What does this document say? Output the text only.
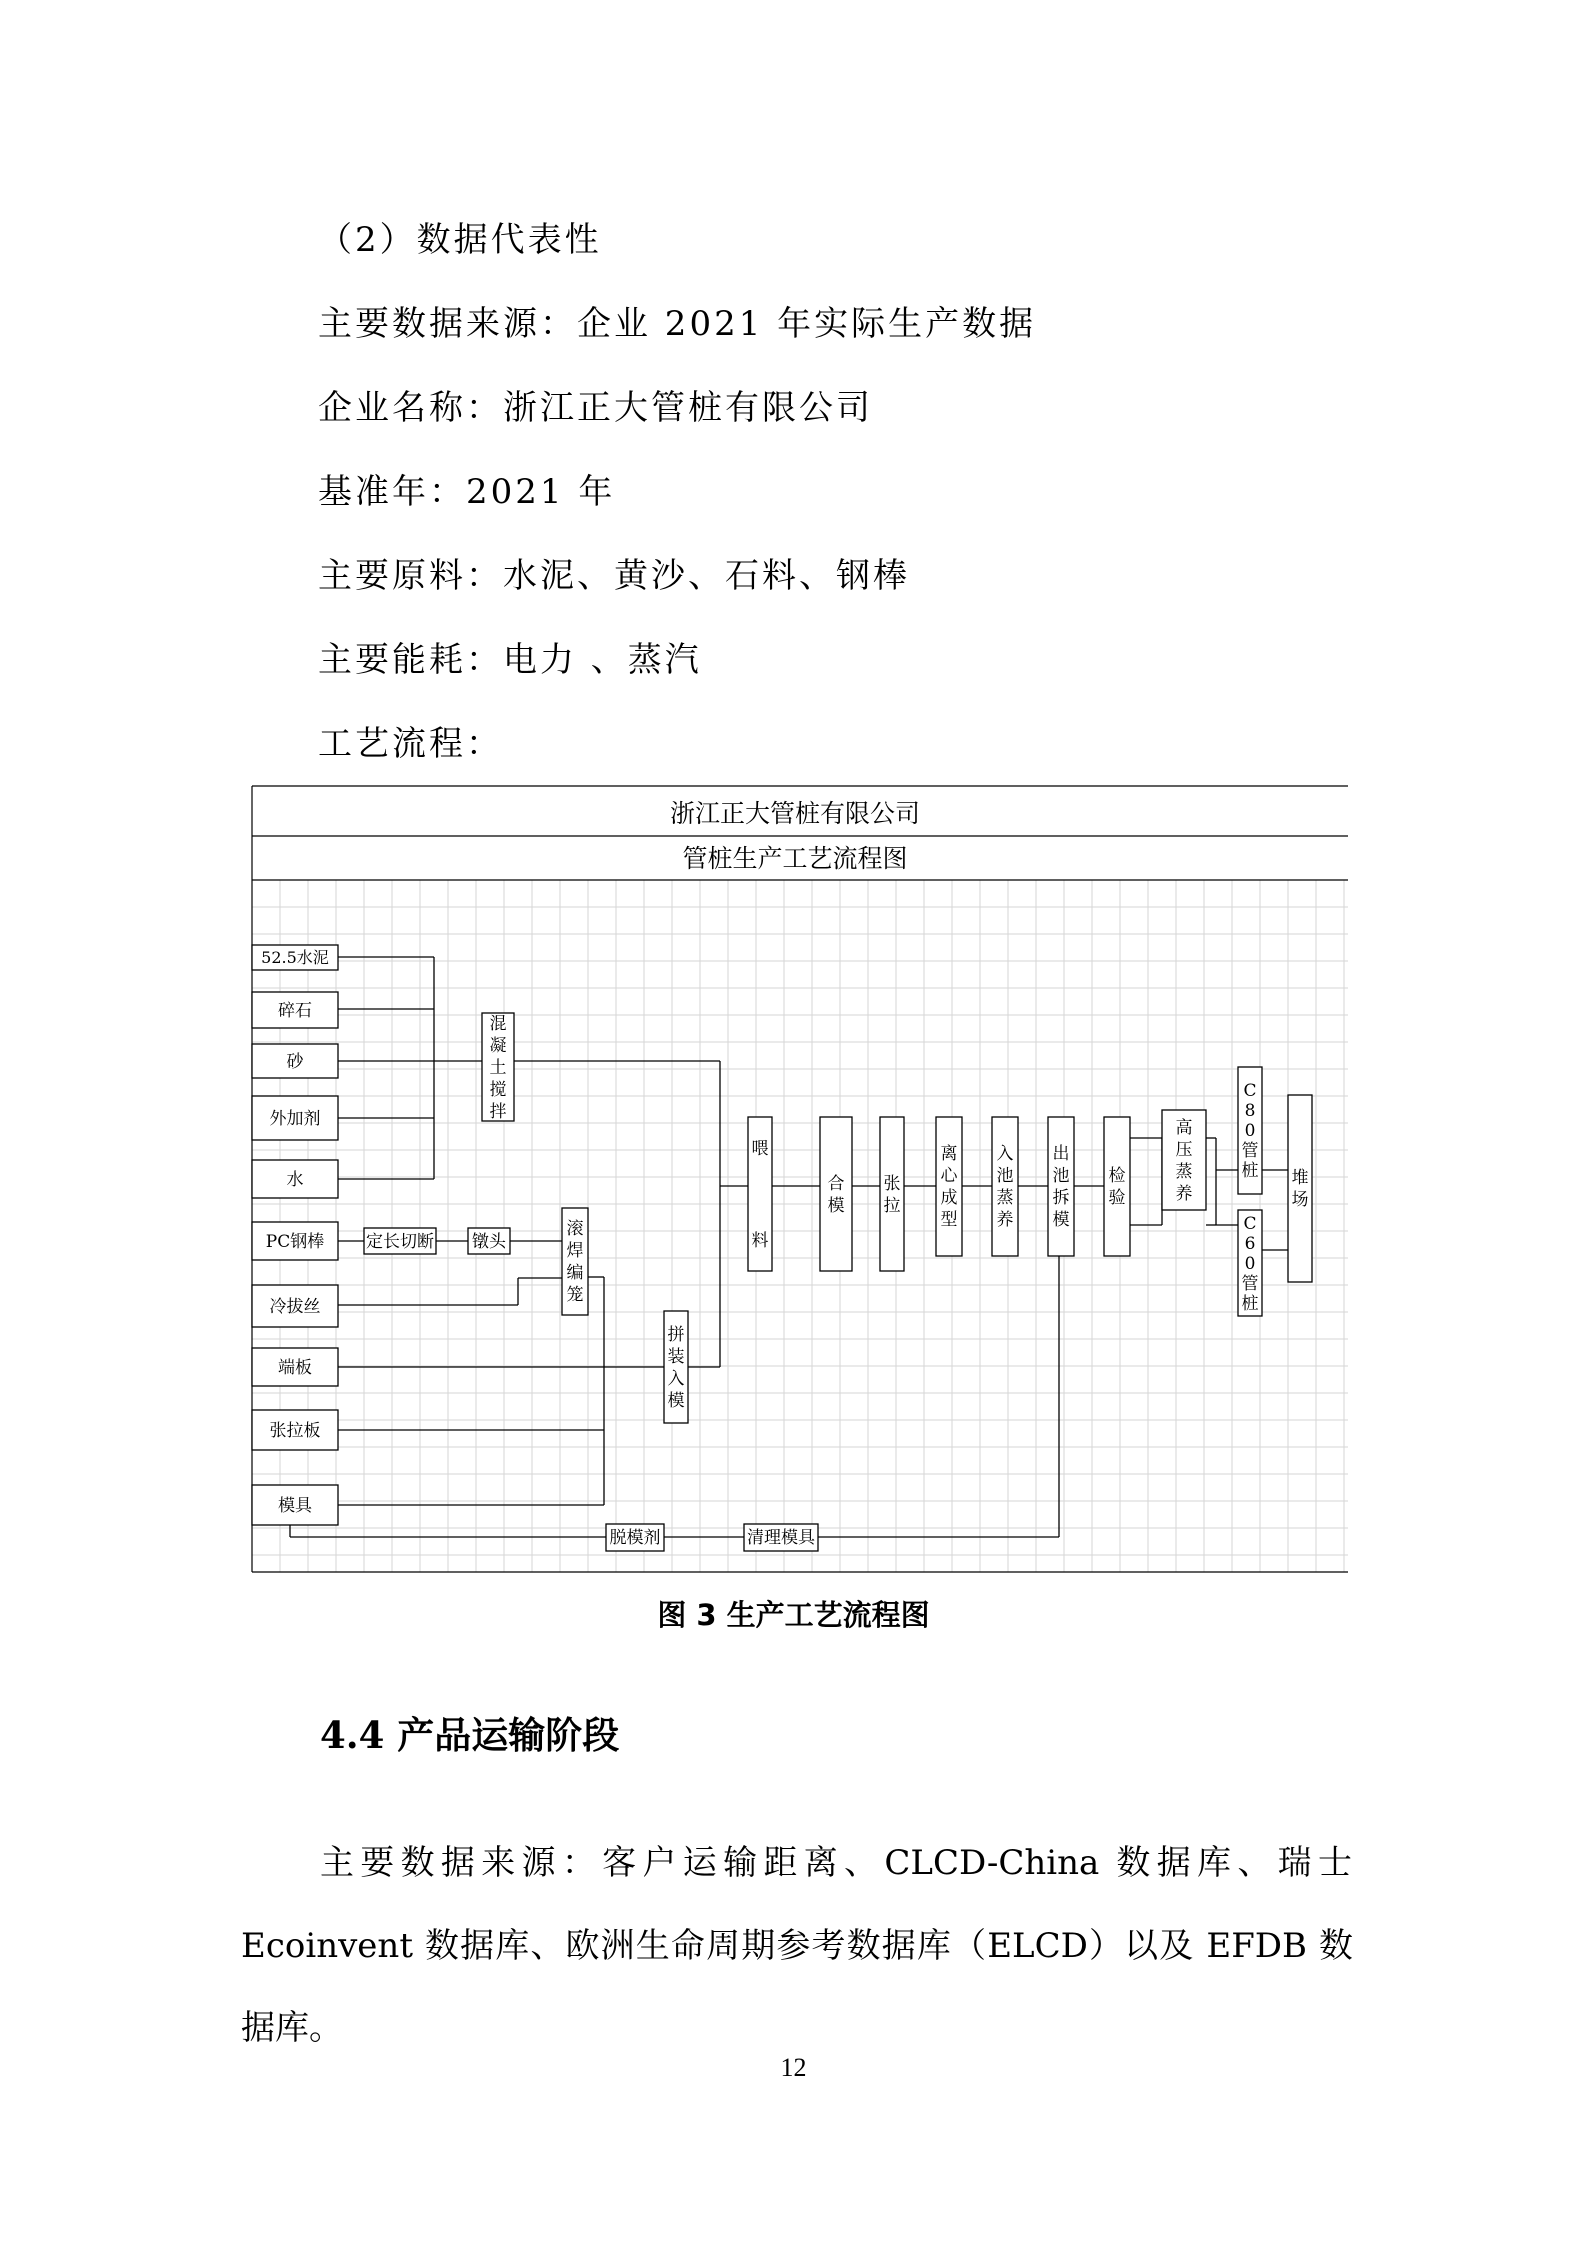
（2）数据代表性
主要数据来源：企业 2021 年实际生产数据
企业名称：浙江正大管桩有限公司
基准年：2021 年
主要原料：水泥、黄沙、石料、钢棒
主要能耗：电力 、蒸汽
工艺流程：
浙江正大管桩有限公司
管桩生产工艺流程图
52.5水泥
碎石
砂
外加剂
水
PC钢棒
冷拔丝
端板
张拉板
模具
定长切断 镦头
混凝土搅拌
滚焊编笼
拼装入模
喂
料
合模
张拉
离心成型
入池蒸养
出池拆模
检验
高压蒸养
C 8 0 管桩
C 6 0 管桩
堆场
脱模剂	清理模具
图 3 生产工艺流程图
4.4 产品运输阶段
主要数据来源：客户运输距离、CLCD-China 数据库、瑞士
Ecoinvent 数据库、欧洲生命周期参考数据库（ELCD）以及 EFDB 数
据库。
12
